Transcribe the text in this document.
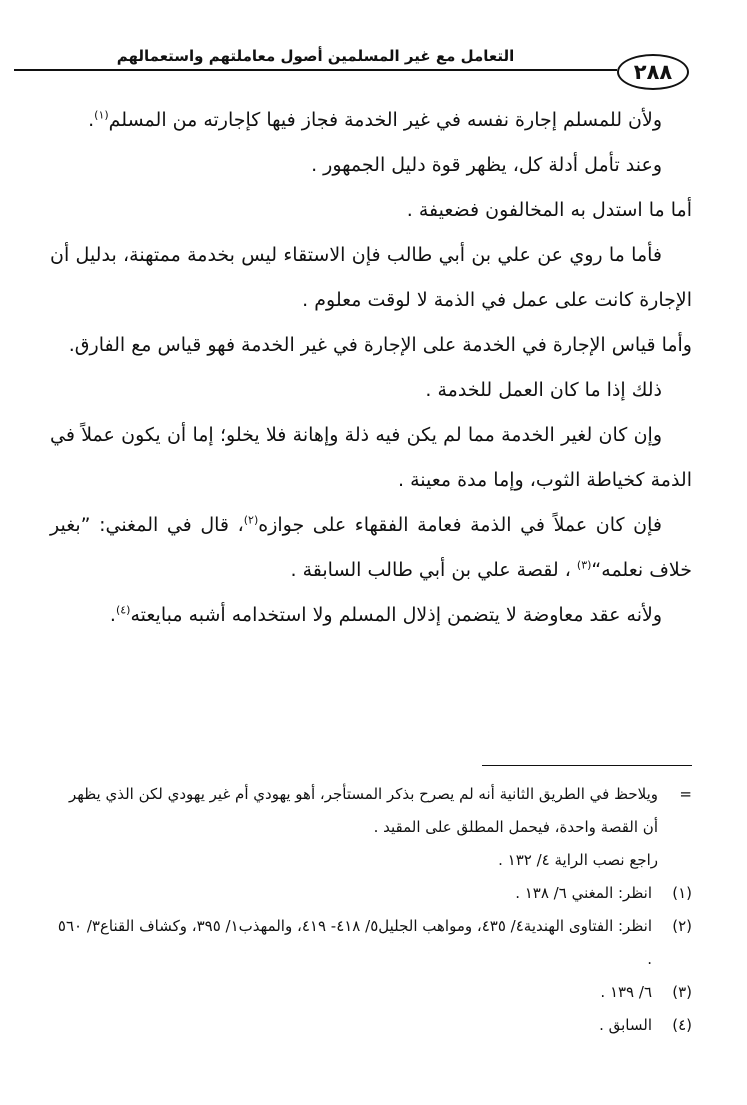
التعامل مع غير المسلمين أصول معاملتهم واستعمالهم
٢٨٨

ولأن للمسلم إجارة نفسه في غير الخدمة فجاز فيها كإجارته من المسلم$^{(١)}$.

وعند تأمل أدلة كل، يظهر قوة دليل الجمهور .

أما ما استدل به المخالفون فضعيفة .

فأما ما روي عن علي بن أبي طالب فإن الاستقاء ليس بخدمة ممتهنة، بدليل أن الإجارة كانت على عمل في الذمة لا لوقت معلوم .

وأما قياس الإجارة في الخدمة على الإجارة في غير الخدمة فهو قياس مع الفارق.

ذلك إذا ما كان العمل للخدمة .

وإن كان لغير الخدمة مما لم يكن فيه ذلة وإهانة فلا يخلو؛ إما أن يكون عملاً في الذمة كخياطة الثوب، وإما مدة معينة .

فإن كان عملاً في الذمة فعامة الفقهاء على جوازه$^{(٢)}$، قال في المغني: ”بغير خلاف نعلمه“$^{(٣)}$ ، لقصة علي بن أبي طالب السابقة .

ولأنه عقد معاوضة لا يتضمن إذلال المسلم ولا استخدامه أشبه مبايعته$^{(٤)}$.

=

ويلاحظ في الطريق الثانية أنه لم يصرح بذكر المستأجر، أهو يهودي أم غير يهودي لكن الذي يظهر أن القصة واحدة، فيحمل المطلق على المقيد .

راجع نصب الراية ٤/ ١٣٢ .

(١)

انظر: المغني ٦/ ١٣٨ .

(٢)

انظر: الفتاوى الهندية٤/ ٤٣٥، ومواهب الجليل٥/ ٤١٨- ٤١٩، والمهذب١/ ٣٩٥، وكشاف القناع٣/ ٥٦٠ .

(٣)

٦/ ١٣٩ .

(٤)

السابق .
